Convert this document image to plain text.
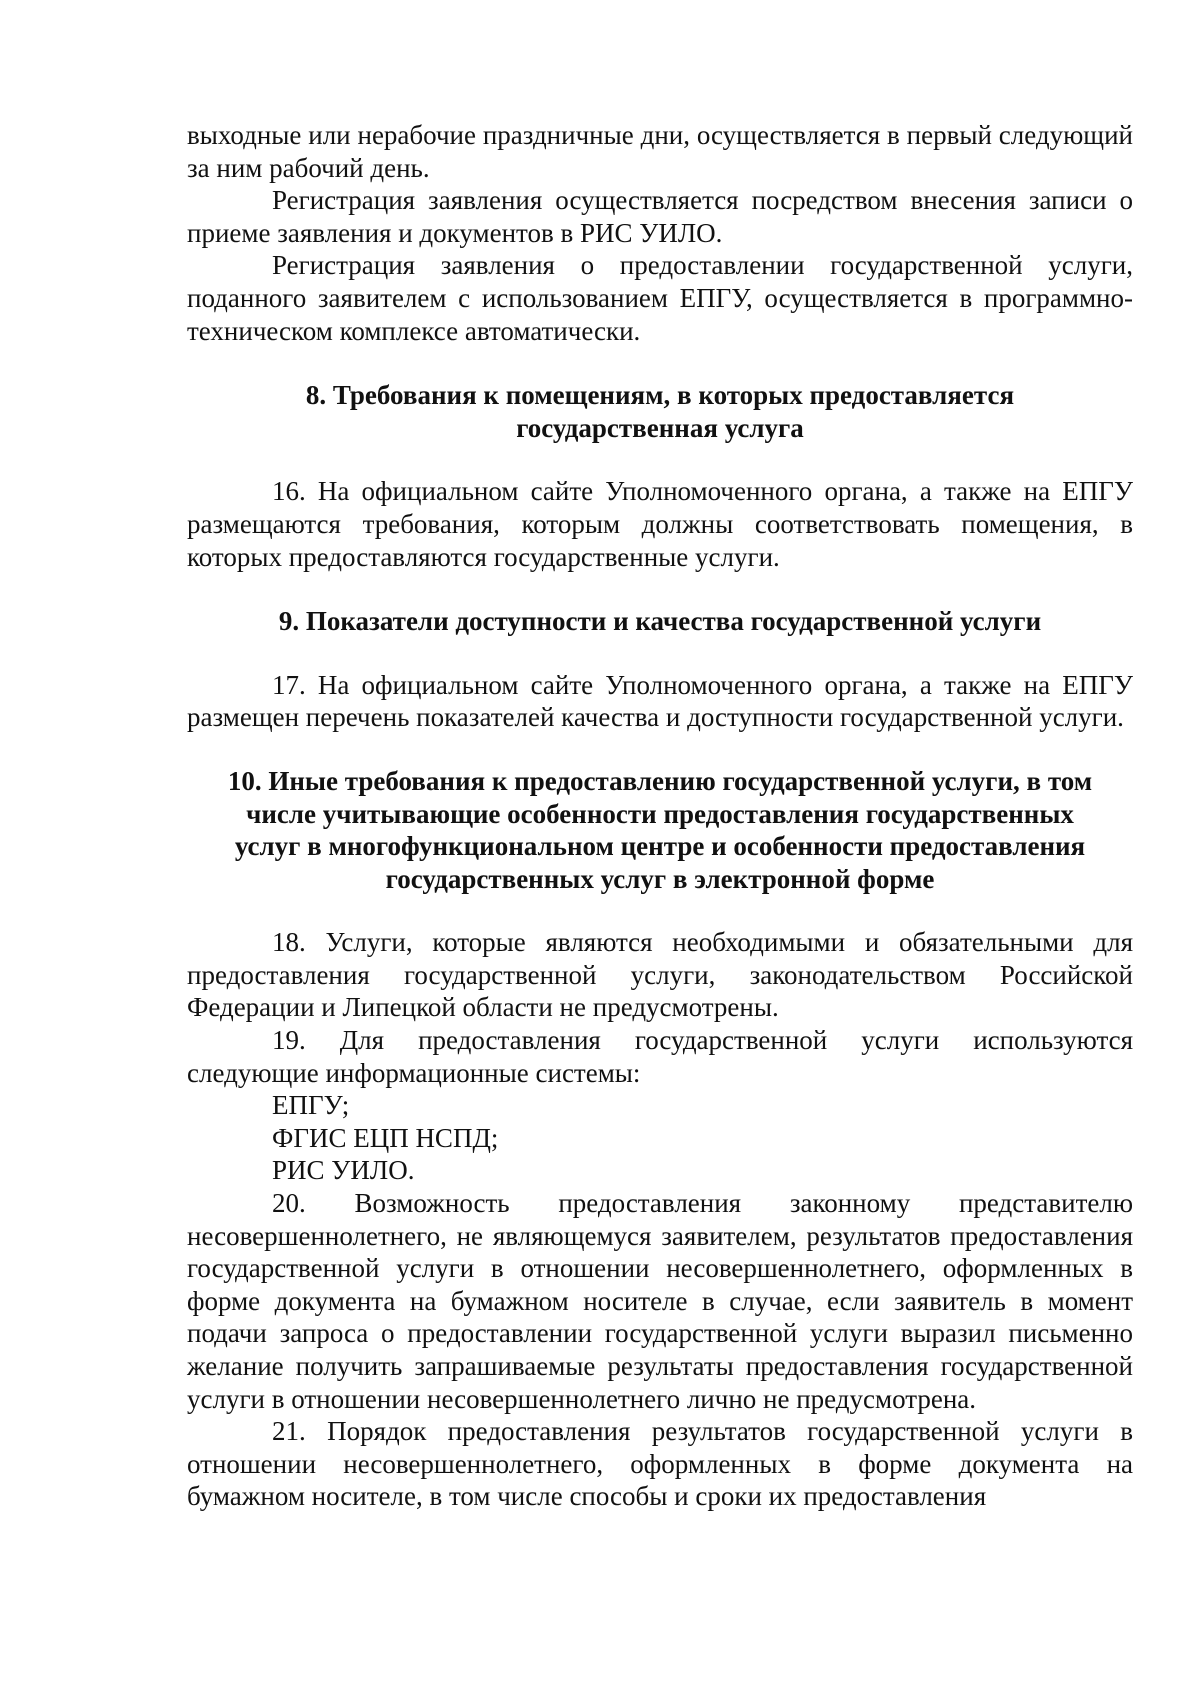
выходные или нерабочие праздничные дни, осуществляется в первый следующий за ним рабочий день.

Регистрация заявления осуществляется посредством внесения записи о приеме заявления и документов в РИС УИЛО.

Регистрация заявления о предоставлении государственной услуги, поданного заявителем с использованием ЕПГУ, осуществляется в программно-техническом комплексе автоматически.

8. Требования к помещениям, в которых предоставляется
государственная услуга

16. На официальном сайте Уполномоченного органа, а также на ЕПГУ размещаются требования, которым должны соответствовать помещения, в которых предоставляются государственные услуги.

9. Показатели доступности и качества государственной услуги

17. На официальном сайте Уполномоченного органа, а также на ЕПГУ размещен перечень показателей качества и доступности государственной услуги.

10. Иные требования к предоставлению государственной услуги, в том
числе учитывающие особенности предоставления государственных
услуг в многофункциональном центре и особенности предоставления
государственных услуг в электронной форме

18. Услуги, которые являются необходимыми и обязательными для предоставления государственной услуги, законодательством Российской Федерации и Липецкой области не предусмотрены.

19. Для предоставления государственной услуги используются следующие информационные системы:

ЕПГУ;

ФГИС ЕЦП НСПД;

РИС УИЛО.

20. Возможность предоставления законному представителю несовершеннолетнего, не являющемуся заявителем, результатов предоставления государственной услуги в отношении несовершеннолетнего, оформленных в форме документа на бумажном носителе в случае, если заявитель в момент подачи запроса о предоставлении государственной услуги выразил письменно желание получить запрашиваемые результаты предоставления государственной услуги в отношении несовершеннолетнего лично не предусмотрена.

21. Порядок предоставления результатов государственной услуги в отношении несовершеннолетнего, оформленных в форме документа на бумажном носителе, в том числе способы и сроки их предоставления
